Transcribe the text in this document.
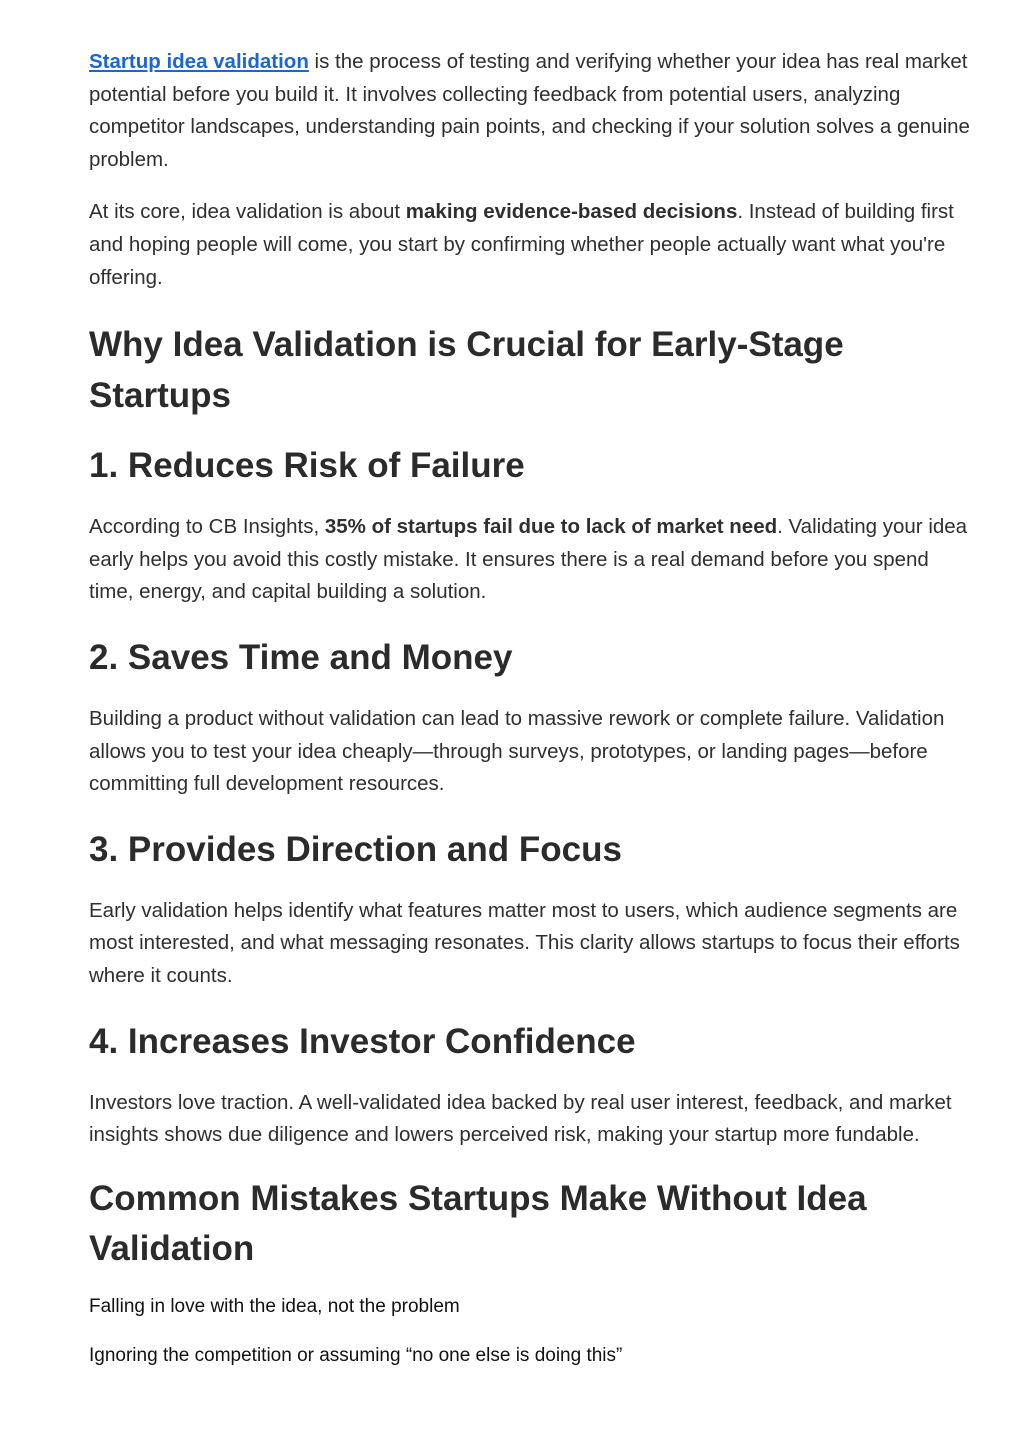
Startup idea validation is the process of testing and verifying whether your idea has real market potential before you build it. It involves collecting feedback from potential users, analyzing competitor landscapes, understanding pain points, and checking if your solution solves a genuine problem.

At its core, idea validation is about making evidence-based decisions. Instead of building first and hoping people will come, you start by confirming whether people actually want what you're offering.

Why Idea Validation is Crucial for Early-Stage Startups
1. Reduces Risk of Failure

According to CB Insights, 35% of startups fail due to lack of market need. Validating your idea early helps you avoid this costly mistake. It ensures there is a real demand before you spend time, energy, and capital building a solution.

2. Saves Time and Money

Building a product without validation can lead to massive rework or complete failure. Validation allows you to test your idea cheaply—through surveys, prototypes, or landing pages—before committing full development resources.

3. Provides Direction and Focus

Early validation helps identify what features matter most to users, which audience segments are most interested, and what messaging resonates. This clarity allows startups to focus their efforts where it counts.

4. Increases Investor Confidence

Investors love traction. A well-validated idea backed by real user interest, feedback, and market insights shows due diligence and lowers perceived risk, making your startup more fundable.

Common Mistakes Startups Make Without Idea Validation

Falling in love with the idea, not the problem

Ignoring the competition or assuming “no one else is doing this”
